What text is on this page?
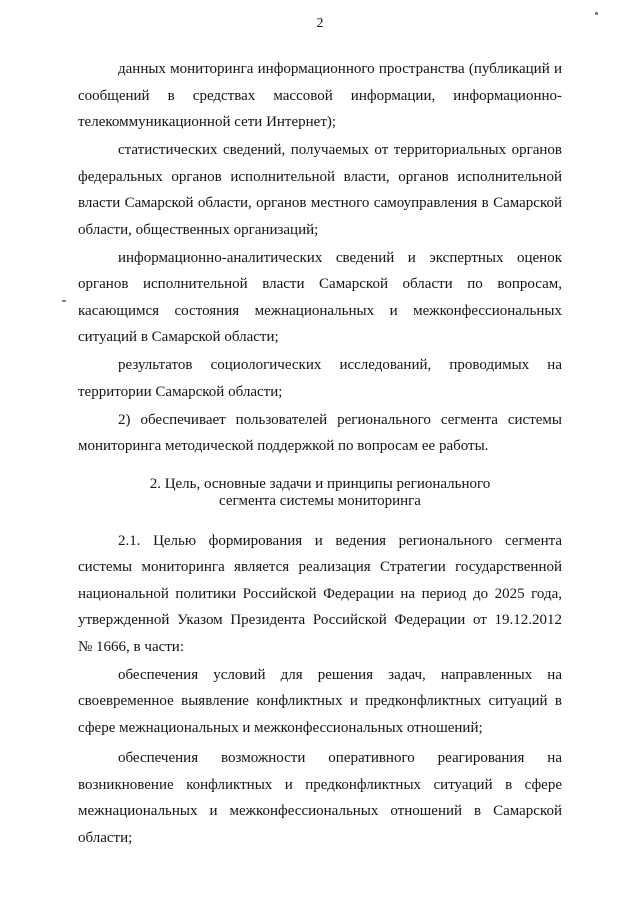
2
данных мониторинга информационного пространства (публикаций и
сообщений в средствах массовой информации, информационно-
телекоммуникационной сети Интернет);
статистических сведений, получаемых от территориальных органов
федеральных органов исполнительной власти, органов исполнительной
власти Самарской области, органов местного самоуправления в Самарской
области, общественных организаций;
информационно-аналитических сведений и экспертных оценок
органов исполнительной власти Самарской области по вопросам,
касающимся состояния межнациональных и межконфессиональных
ситуаций в Самарской области;
результатов социологических исследований, проводимых на
территории Самарской области;
2) обеспечивает пользователей регионального сегмента системы
мониторинга методической поддержкой по вопросам ее работы.
2. Цель, основные задачи и принципы регионального
сегмента системы мониторинга
2.1. Целью формирования и ведения регионального сегмента
системы мониторинга является реализация Стратегии государственной
национальной политики Российской Федерации на период до 2025 года,
утвержденной Указом Президента Российской Федерации от 19.12.2012
№ 1666, в части:
обеспечения условий для решения задач, направленных на
своевременное выявление конфликтных и предконфликтных ситуаций в
сфере межнациональных и межконфессиональных отношений;
обеспечения возможности оперативного реагирования на
возникновение конфликтных и предконфликтных ситуаций в сфере
межнациональных и межконфессиональных отношений в Самарской
области;
